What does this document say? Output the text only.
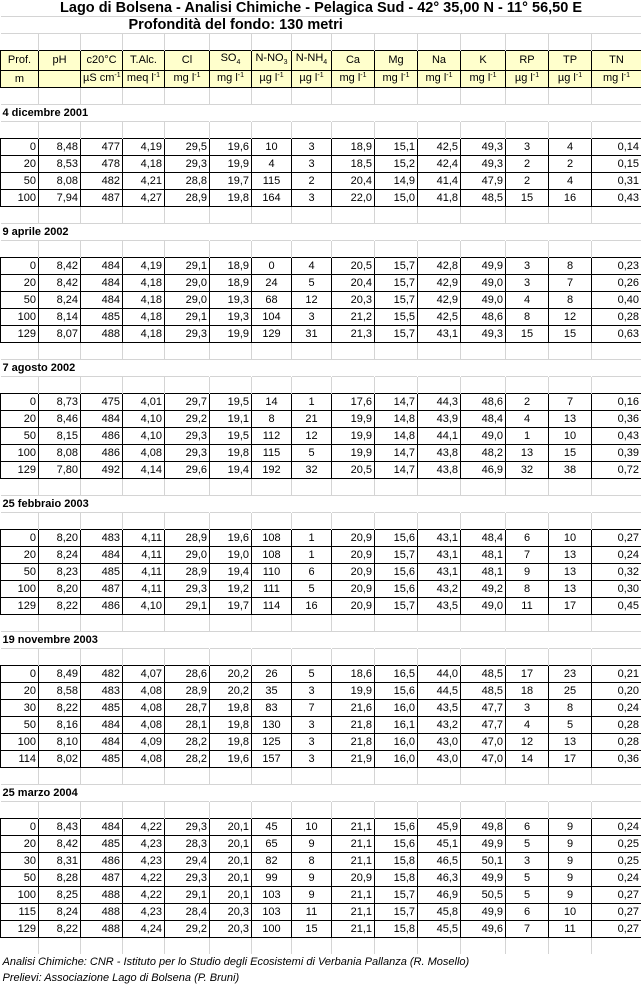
Lago di Bolsena - Analisi Chimiche - Pelagica Sud - 42° 35,00 N - 11° 56,50 E														
Profondità del fondo: 130 metri														

Prof.	pH	c20°C	T.Alc.	Cl	$SO_4$	$N-NO_3$	$N-NH_4$	Ca	Mg	Na	K	RP	TP	TN
m		µS $cm^{-1}$	meq $l^{-1}$	mg $l^{-1}$	mg $l^{-1}$	µg $l^{-1}$	µg $l^{-1}$	mg $l^{-1}$	mg $l^{-1}$	mg $l^{-1}$	mg $l^{-1}$	µg $l^{-1}$	µg $l^{-1}$	mg $l^{-1}$

4 dicembre 2001														

0	8,48	477	4,19	29,5	19,6	10	3	18,9	15,1	42,5	49,3	3	4	0,14
20	8,53	478	4,18	29,3	19,9	4	3	18,5	15,2	42,4	49,3	2	2	0,15
50	8,08	482	4,21	28,8	19,7	115	2	20,4	14,9	41,4	47,9	2	4	0,31
100	7,94	487	4,27	28,9	19,8	164	3	22,0	15,0	41,8	48,5	15	16	0,43

9 aprile 2002														

0	8,42	484	4,19	29,1	18,9	0	4	20,5	15,7	42,8	49,9	3	8	0,23
20	8,42	484	4,18	29,0	18,9	24	5	20,4	15,7	42,9	49,0	3	7	0,26
50	8,24	484	4,18	29,0	19,3	68	12	20,3	15,7	42,9	49,0	4	8	0,40
100	8,14	485	4,18	29,1	19,3	104	3	21,2	15,5	42,5	48,6	8	12	0,28
129	8,07	488	4,18	29,3	19,9	129	31	21,3	15,7	43,1	49,3	15	15	0,63

7 agosto 2002														

0	8,73	475	4,01	29,7	19,5	14	1	17,6	14,7	44,3	48,6	2	7	0,16
20	8,46	484	4,10	29,2	19,1	8	21	19,9	14,8	43,9	48,4	4	13	0,36
50	8,15	486	4,10	29,3	19,5	112	12	19,9	14,8	44,1	49,0	1	10	0,43
100	8,08	486	4,08	29,3	19,8	115	5	19,9	14,7	43,8	48,2	13	15	0,39
129	7,80	492	4,14	29,6	19,4	192	32	20,5	14,7	43,8	46,9	32	38	0,72

25 febbraio 2003														

0	8,20	483	4,11	28,9	19,6	108	1	20,9	15,6	43,1	48,4	6	10	0,27
20	8,24	484	4,11	29,0	19,0	108	1	20,9	15,7	43,1	48,1	7	13	0,24
50	8,23	485	4,11	28,9	19,4	110	6	20,9	15,6	43,1	48,1	9	13	0,32
100	8,20	487	4,11	29,3	19,2	111	5	20,9	15,6	43,2	49,2	8	13	0,30
129	8,22	486	4,10	29,1	19,7	114	16	20,9	15,7	43,5	49,0	11	17	0,45

19 novembre 2003														

0	8,49	482	4,07	28,6	20,2	26	5	18,6	16,5	44,0	48,5	17	23	0,21
20	8,58	483	4,08	28,9	20,2	35	3	19,9	15,6	44,5	48,5	18	25	0,20
30	8,22	485	4,08	28,7	19,8	83	7	21,6	16,0	43,5	47,7	3	8	0,24
50	8,16	484	4,08	28,1	19,8	130	3	21,8	16,1	43,2	47,7	4	5	0,28
100	8,10	484	4,09	28,2	19,8	125	3	21,8	16,0	43,0	47,0	12	13	0,28
114	8,02	485	4,08	28,2	19,6	157	3	21,9	16,0	43,0	47,0	14	17	0,36

25 marzo 2004														

0	8,43	484	4,22	29,3	20,1	45	10	21,1	15,6	45,9	49,8	6	9	0,24
20	8,42	485	4,23	28,3	20,1	65	9	21,1	15,6	45,1	49,9	5	9	0,25
30	8,31	486	4,23	29,4	20,1	82	8	21,1	15,8	46,5	50,1	3	9	0,25
50	8,28	487	4,22	29,3	20,1	99	9	20,9	15,8	46,3	49,9	5	9	0,24
100	8,25	488	4,22	29,1	20,1	103	9	21,1	15,7	46,9	50,5	5	9	0,27
115	8,24	488	4,23	28,4	20,3	103	11	21,1	15,7	45,8	49,9	6	10	0,27
129	8,22	488	4,24	29,2	20,3	100	15	21,1	15,8	45,5	49,6	7	11	0,27

Analisi Chimiche: CNR - Istituto per lo Studio degli Ecosistemi di Verbania Pallanza (R. Mosello)														
Prelievi: Associazione Lago di Bolsena (P. Bruni)														
